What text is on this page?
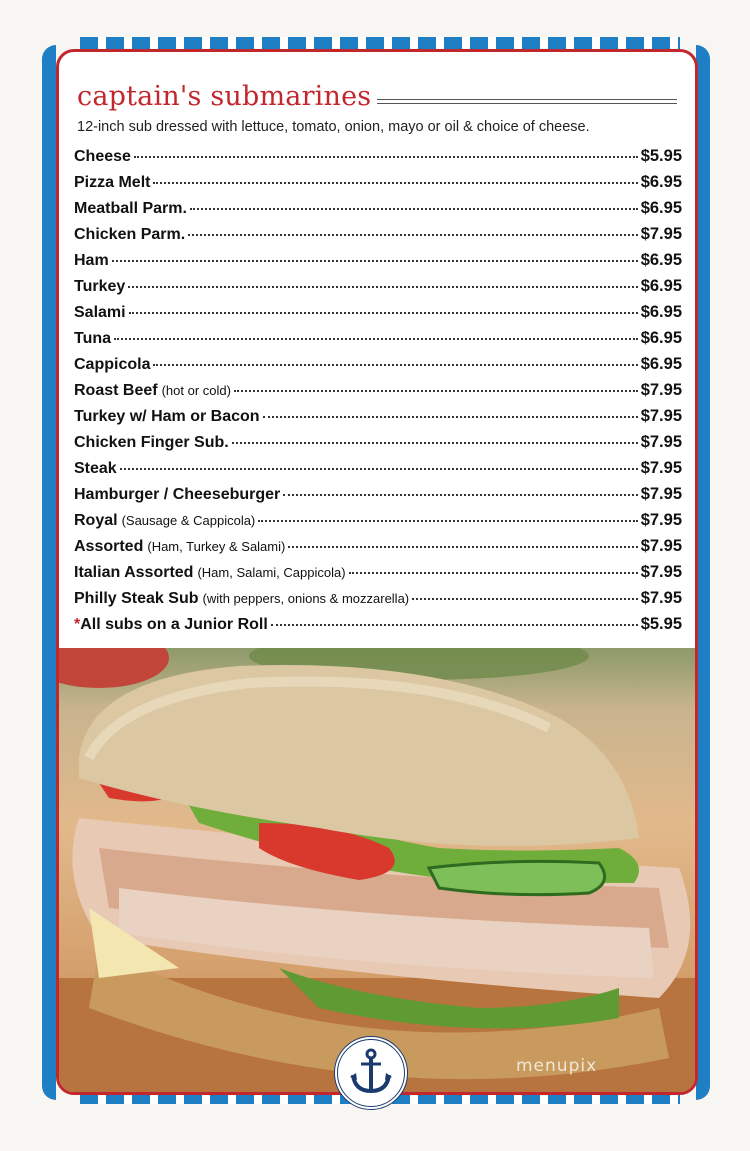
captain's submarines
12-inch sub dressed with lettuce, tomato, onion, mayo or oil & choice of cheese.
Cheese	$5.95
Pizza Melt	$6.95
Meatball Parm.	$6.95
Chicken Parm.	$7.95
Ham	$6.95
Turkey	$6.95
Salami	$6.95
Tuna	$6.95
Cappicola	$6.95
Roast Beef (hot or cold)	$7.95
Turkey w/ Ham or Bacon	$7.95
Chicken Finger Sub.	$7.95
Steak	$7.95
Hamburger / Cheeseburger	$7.95
Royal (Sausage & Cappicola)	$7.95
Assorted (Ham, Turkey & Salami)	$7.95
Italian Assorted (Ham, Salami, Cappicola)	$7.95
Philly Steak Sub (with peppers, onions & mozzarella)	$7.95
* All subs on a Junior Roll	$5.95
menupix
